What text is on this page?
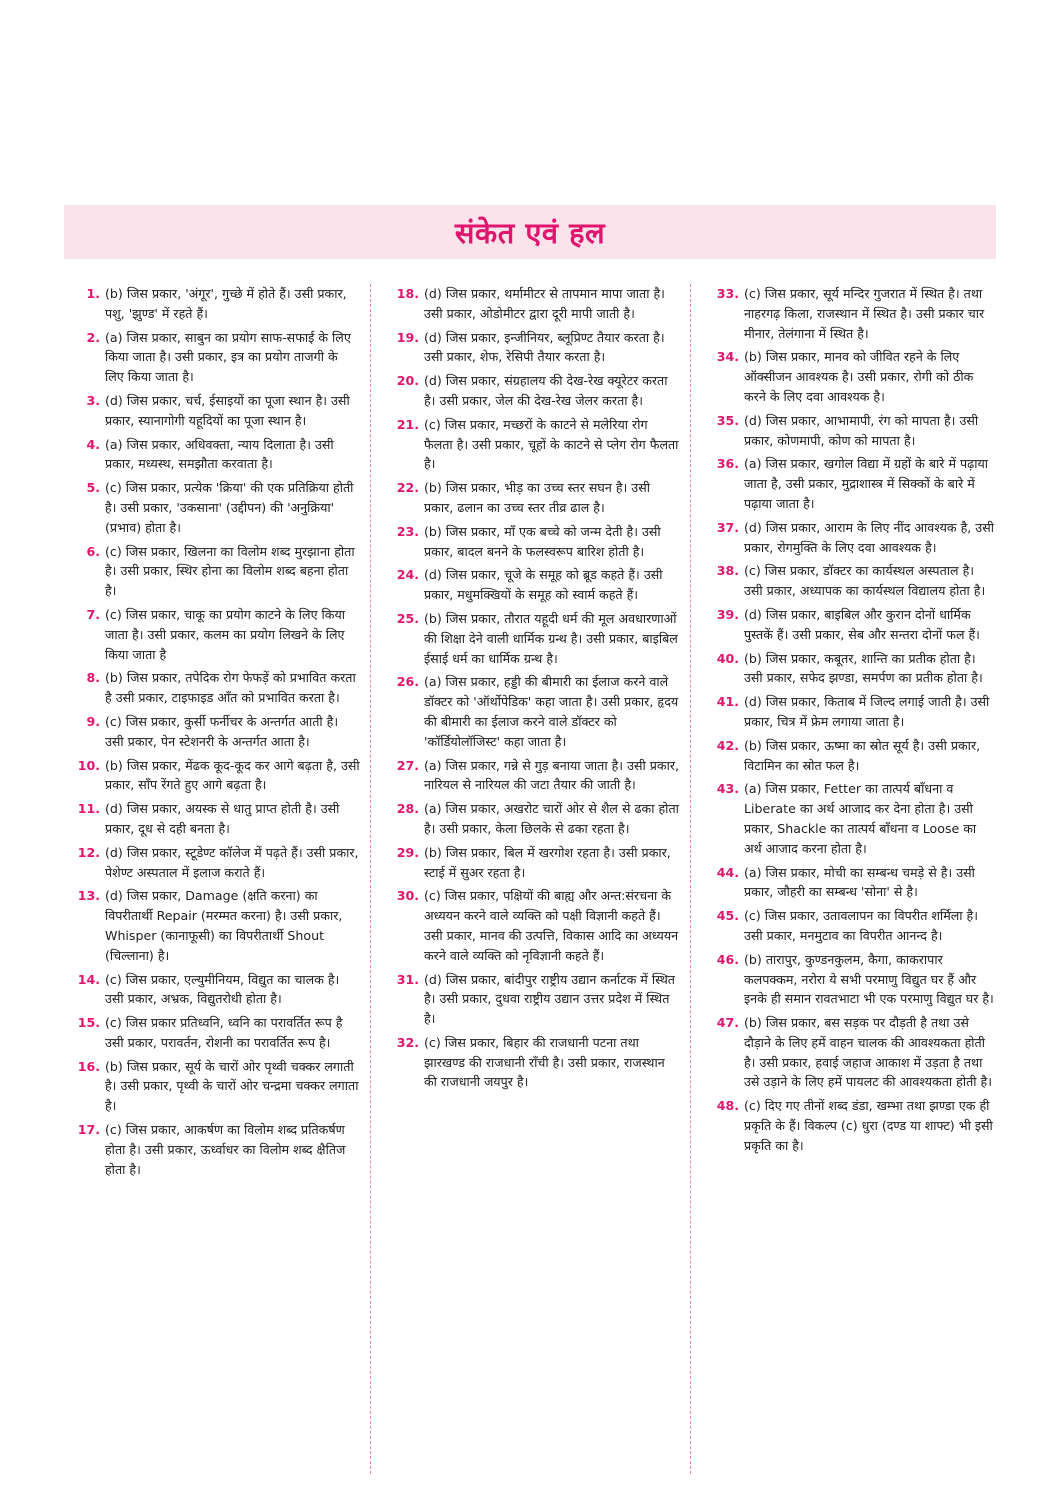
संकेत एवं हल
1. (b) जिस प्रकार, 'अंगूर', गुच्छे में होते हैं। उसी प्रकार, पशु, 'झुण्ड' में रहते हैं।
2. (a) जिस प्रकार, साबुन का प्रयोग साफ-सफाई के लिए किया जाता है। उसी प्रकार, इत्र का प्रयोग ताजगी के लिए किया जाता है।
3. (d) जिस प्रकार, चर्च, ईसाइयों का पूजा स्थान है। उसी प्रकार, स्यानागोगी यहूदियों का पूजा स्थान है।
4. (a) जिस प्रकार, अधिवक्ता, न्याय दिलाता है। उसी प्रकार, मध्यस्थ, समझौता करवाता है।
5. (c) जिस प्रकार, प्रत्येक 'क्रिया' की एक प्रतिक्रिया होती है। उसी प्रकार, 'उकसाना' (उद्दीपन) की 'अनुक्रिया' (प्रभाव) होता है।
6. (c) जिस प्रकार, खिलना का विलोम शब्द मुरझाना होता है। उसी प्रकार, स्थिर होना का विलोम शब्द बहना होता है।
7. (c) जिस प्रकार, चाकू का प्रयोग काटने के लिए किया जाता है। उसी प्रकार, कलम का प्रयोग लिखने के लिए किया जाता है
8. (b) जिस प्रकार, तपेदिक रोग फेफड़ें को प्रभावित करता है उसी प्रकार, टाइफाइड आँत को प्रभावित करता है।
9. (c) जिस प्रकार, कुर्सी फर्नीचर के अन्तर्गत आती है। उसी प्रकार, पेन स्टेशनरी के अन्तर्गत आता है।
10. (b) जिस प्रकार, मेंढक कूद-कूद कर आगे बढ़ता है, उसी प्रकार, साँप रेंगते हुए आगे बढ़ता है।
11. (d) जिस प्रकार, अयस्क से धातु प्राप्त होती है। उसी प्रकार, दूध से दही बनता है।
12. (d) जिस प्रकार, स्टूडेण्ट कॉलेज में पढ़ते हैं। उसी प्रकार, पेशेण्ट अस्पताल में इलाज कराते हैं।
13. (d) जिस प्रकार, Damage (क्षति करना) का विपरीतार्थी Repair (मरम्मत करना) है। उसी प्रकार, Whisper (कानाफूसी) का विपरीतार्थी Shout (चिल्लाना) है।
14. (c) जिस प्रकार, एल्युमीनियम, विद्युत का चालक है। उसी प्रकार, अभ्रक, विद्युतरोधी होता है।
15. (c) जिस प्रकार प्रतिध्वनि, ध्वनि का परावर्तित रूप है उसी प्रकार, परावर्तन, रोशनी का परावर्तित रूप है।
16. (b) जिस प्रकार, सूर्य के चारों ओर पृथ्वी चक्कर लगाती है। उसी प्रकार, पृथ्वी के चारों ओर चन्द्रमा चक्कर लगाता है।
17. (c) जिस प्रकार, आकर्षण का विलोम शब्द प्रतिकर्षण होता है। उसी प्रकार, ऊर्ध्वाधर का विलोम शब्द क्षैतिज होता है।
18. (d) जिस प्रकार, थर्मामीटर से तापमान मापा जाता है। उसी प्रकार, ओडोमीटर द्वारा दूरी मापी जाती है।
19. (d) जिस प्रकार, इन्जीनियर, ब्लूप्रिण्ट तैयार करता है। उसी प्रकार, शेफ, रेसिपी तैयार करता है।
20. (d) जिस प्रकार, संग्रहालय की देख-रेख क्यूरेटर करता है। उसी प्रकार, जेल की देख-रेख जेलर करता है।
21. (c) जिस प्रकार, मच्छरों के काटने से मलेरिया रोग फैलता है। उसी प्रकार, चूहों के काटने से प्लेग रोग फैलता है।
22. (b) जिस प्रकार, भीड़ का उच्च स्तर सघन है। उसी प्रकार, ढलान का उच्च स्तर तीव्र ढाल है।
23. (b) जिस प्रकार, माँ एक बच्चे को जन्म देती है। उसी प्रकार, बादल बनने के फलस्वरूप बारिश होती है।
24. (d) जिस प्रकार, चूजे के समूह को ब्रूड कहते हैं। उसी प्रकार, मधुमक्खियों के समूह को स्वार्म कहते हैं।
25. (b) जिस प्रकार, तौरात यहूदी धर्म की मूल अवधारणाओं की शिक्षा देने वाली धार्मिक ग्रन्थ है। उसी प्रकार, बाइबिल ईसाई धर्म का धार्मिक ग्रन्थ है।
26. (a) जिस प्रकार, हड्डी की बीमारी का ईलाज करने वाले डॉक्टर को 'ऑर्थोपेडिक' कहा जाता है। उसी प्रकार, हृदय की बीमारी का ईलाज करने वाले डॉक्टर को 'कॉर्डियोलॉजिस्ट' कहा जाता है।
27. (a) जिस प्रकार, गन्ने से गुड़ बनाया जाता है। उसी प्रकार, नारियल से नारियल की जटा तैयार की जाती है।
28. (a) जिस प्रकार, अखरोट चारों ओर से शैल से ढका होता है। उसी प्रकार, केला छिलके से ढका रहता है।
29. (b) जिस प्रकार, बिल में खरगोश रहता है। उसी प्रकार, स्टाई में सुअर रहता है।
30. (c) जिस प्रकार, पक्षियों की बाह्य और अन्त:संरचना के अध्ययन करने वाले व्यक्ति को पक्षी विज्ञानी कहते हैं। उसी प्रकार, मानव की उत्पत्ति, विकास आदि का अध्ययन करने वाले व्यक्ति को नृविज्ञानी कहते हैं।
31. (d) जिस प्रकार, बांदीपुर राष्ट्रीय उद्यान कर्नाटक में स्थित है। उसी प्रकार, दुधवा राष्ट्रीय उद्यान उत्तर प्रदेश में स्थित है।
32. (c) जिस प्रकार, बिहार की राजधानी पटना तथा झारखण्ड की राजधानी राँची है। उसी प्रकार, राजस्थान की राजधानी जयपुर है।
33. (c) जिस प्रकार, सूर्य मन्दिर गुजरात में स्थित है। तथा नाहरगढ़ किला, राजस्थान में स्थित है। उसी प्रकार चार मीनार, तेलंगाना में स्थित है।
34. (b) जिस प्रकार, मानव को जीवित रहने के लिए ऑक्सीजन आवश्यक है। उसी प्रकार, रोगी को ठीक करने के लिए दवा आवश्यक है।
35. (d) जिस प्रकार, आभामापी, रंग को मापता है। उसी प्रकार, कोणमापी, कोण को मापता है।
36. (a) जिस प्रकार, खगोल विद्या में ग्रहों के बारे में पढ़ाया जाता है, उसी प्रकार, मुद्राशास्त्र में सिक्कों के बारे में पढ़ाया जाता है।
37. (d) जिस प्रकार, आराम के लिए नींद आवश्यक है, उसी प्रकार, रोगमुक्ति के लिए दवा आवश्यक है।
38. (c) जिस प्रकार, डॉक्टर का कार्यस्थल अस्पताल है। उसी प्रकार, अध्यापक का कार्यस्थल विद्यालय होता है।
39. (d) जिस प्रकार, बाइबिल और कुरान दोनों धार्मिक पुस्तकें हैं। उसी प्रकार, सेब और सन्तरा दोनों फल हैं।
40. (b) जिस प्रकार, कबूतर, शान्ति का प्रतीक होता है। उसी प्रकार, सफेद झण्डा, समर्पण का प्रतीक होता है।
41. (d) जिस प्रकार, किताब में जिल्द लगाई जाती है। उसी प्रकार, चित्र में फ्रेम लगाया जाता है।
42. (b) जिस प्रकार, ऊष्मा का स्रोत सूर्य है। उसी प्रकार, विटामिन का स्रोत फल है।
43. (a) जिस प्रकार, Fetter का तात्पर्य बाँधना व Liberate का अर्थ आजाद कर देना होता है। उसी प्रकार, Shackle का तात्पर्य बाँधना व Loose का अर्थ आजाद करना होता है।
44. (a) जिस प्रकार, मोची का सम्बन्ध चमड़े से है। उसी प्रकार, जौहरी का सम्बन्ध 'सोना' से है।
45. (c) जिस प्रकार, उतावलापन का विपरीत शर्मिला है। उसी प्रकार, मनमुटाव का विपरीत आनन्द है।
46. (b) तारापुर, कुण्डनकुलम, कैगा, काकरापार कलपक्कम, नरोरा ये सभी परमाणु विद्युत घर हैं और इनके ही समान रावतभाटा भी एक परमाणु विद्युत घर है।
47. (b) जिस प्रकार, बस सड़क पर दौड़ती है तथा उसे दौड़ाने के लिए हमें वाहन चालक की आवश्यकता होती है। उसी प्रकार, हवाई जहाज आकाश में उड़ता है तथा उसे उड़ाने के लिए हमें पायलट की आवश्यकता होती है।
48. (c) दिए गए तीनों शब्द डंडा, खम्भा तथा झण्डा एक ही प्रकृति के हैं। विकल्प (c) धुरा (दण्ड या शाफ्ट) भी इसी प्रकृति का है।
